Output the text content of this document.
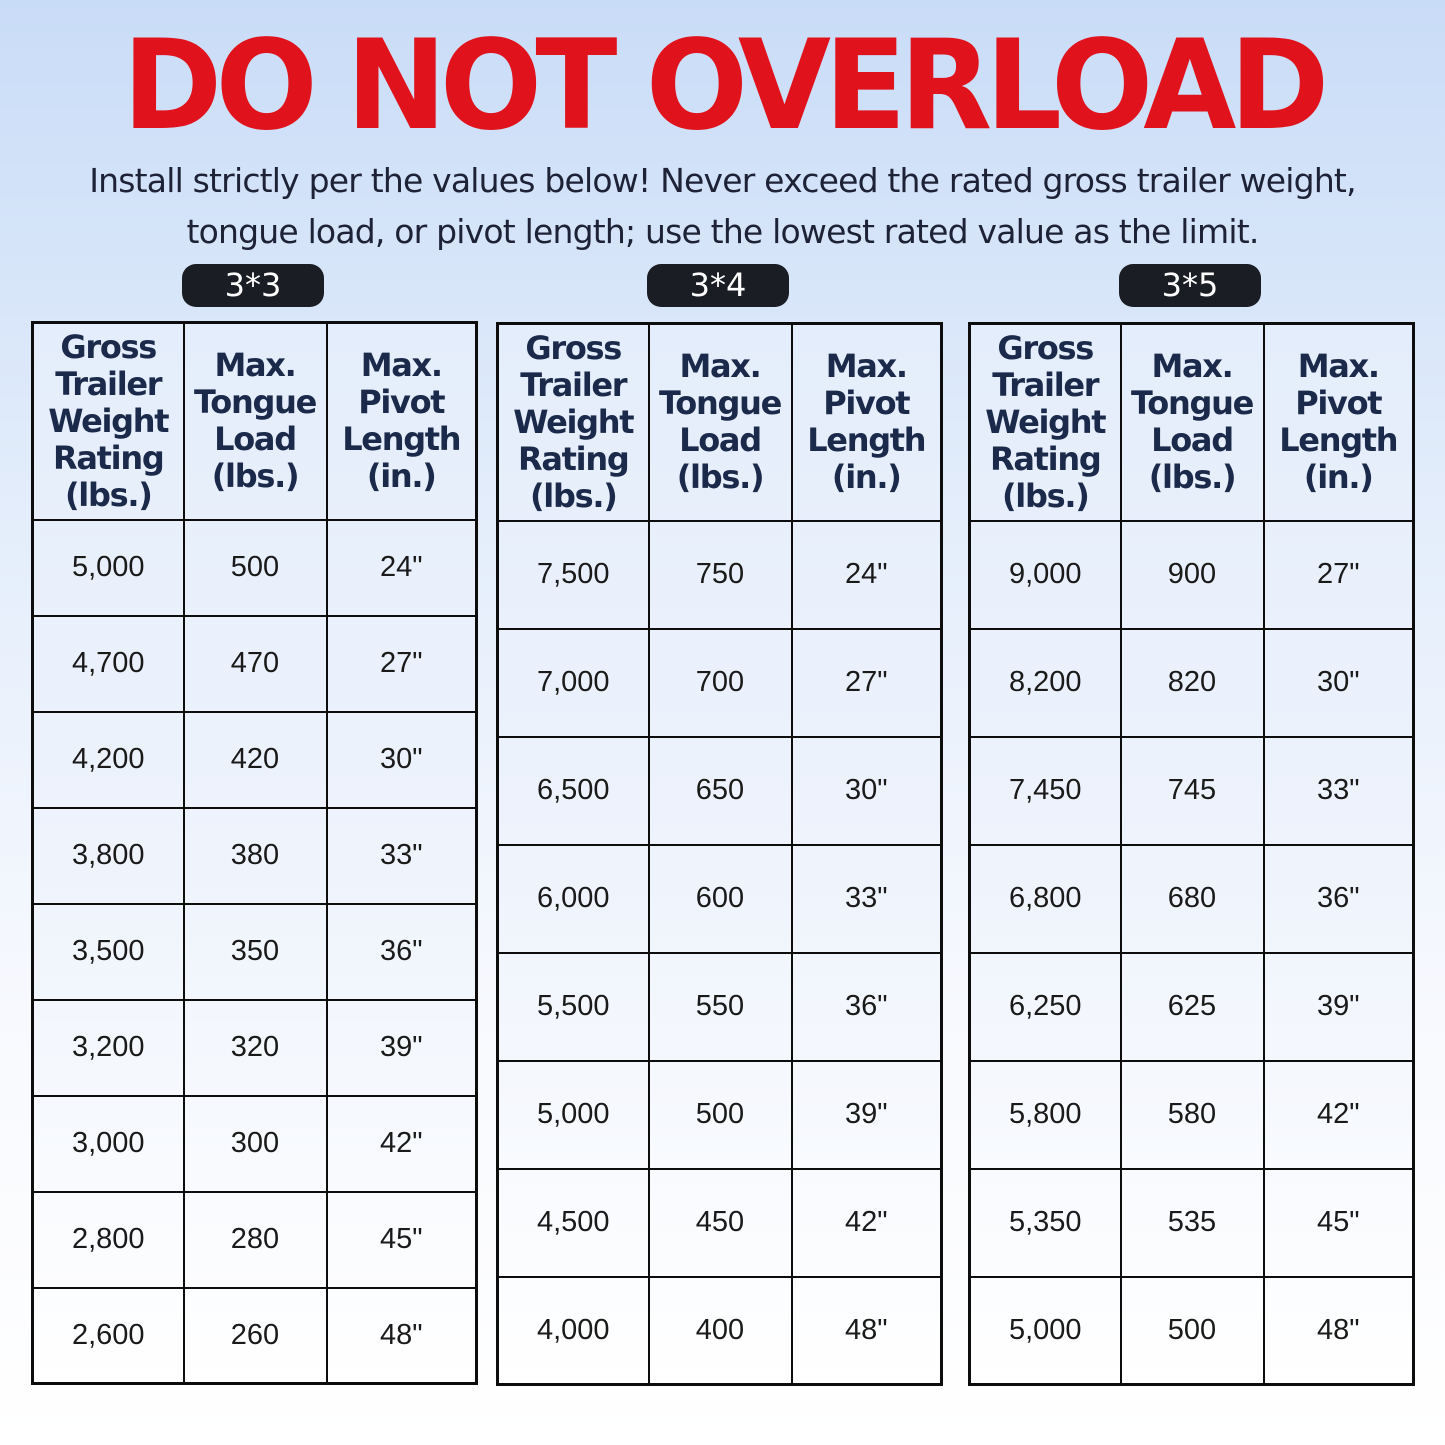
DO NOT OVERLOAD
Install strictly per the values below! Never exceed the rated gross trailer weight, tongue load, or pivot length; use the lowest rated value as the limit.
3*3
Gross Trailer Weight Rating (lbs.)	Max. Tongue Load (lbs.)	Max. Pivot Length (in.)
5,000	500	24"
4,700	470	27"
4,200	420	30"
3,800	380	33"
3,500	350	36"
3,200	320	39"
3,000	300	42"
2,800	280	45"
2,600	260	48"
3*4
Gross Trailer Weight Rating (lbs.)	Max. Tongue Load (lbs.)	Max. Pivot Length (in.)
7,500	750	24"
7,000	700	27"
6,500	650	30"
6,000	600	33"
5,500	550	36"
5,000	500	39"
4,500	450	42"
4,000	400	48"
3*5
Gross Trailer Weight Rating (lbs.)	Max. Tongue Load (lbs.)	Max. Pivot Length (in.)
9,000	900	27"
8,200	820	30"
7,450	745	33"
6,800	680	36"
6,250	625	39"
5,800	580	42"
5,350	535	45"
5,000	500	48"
